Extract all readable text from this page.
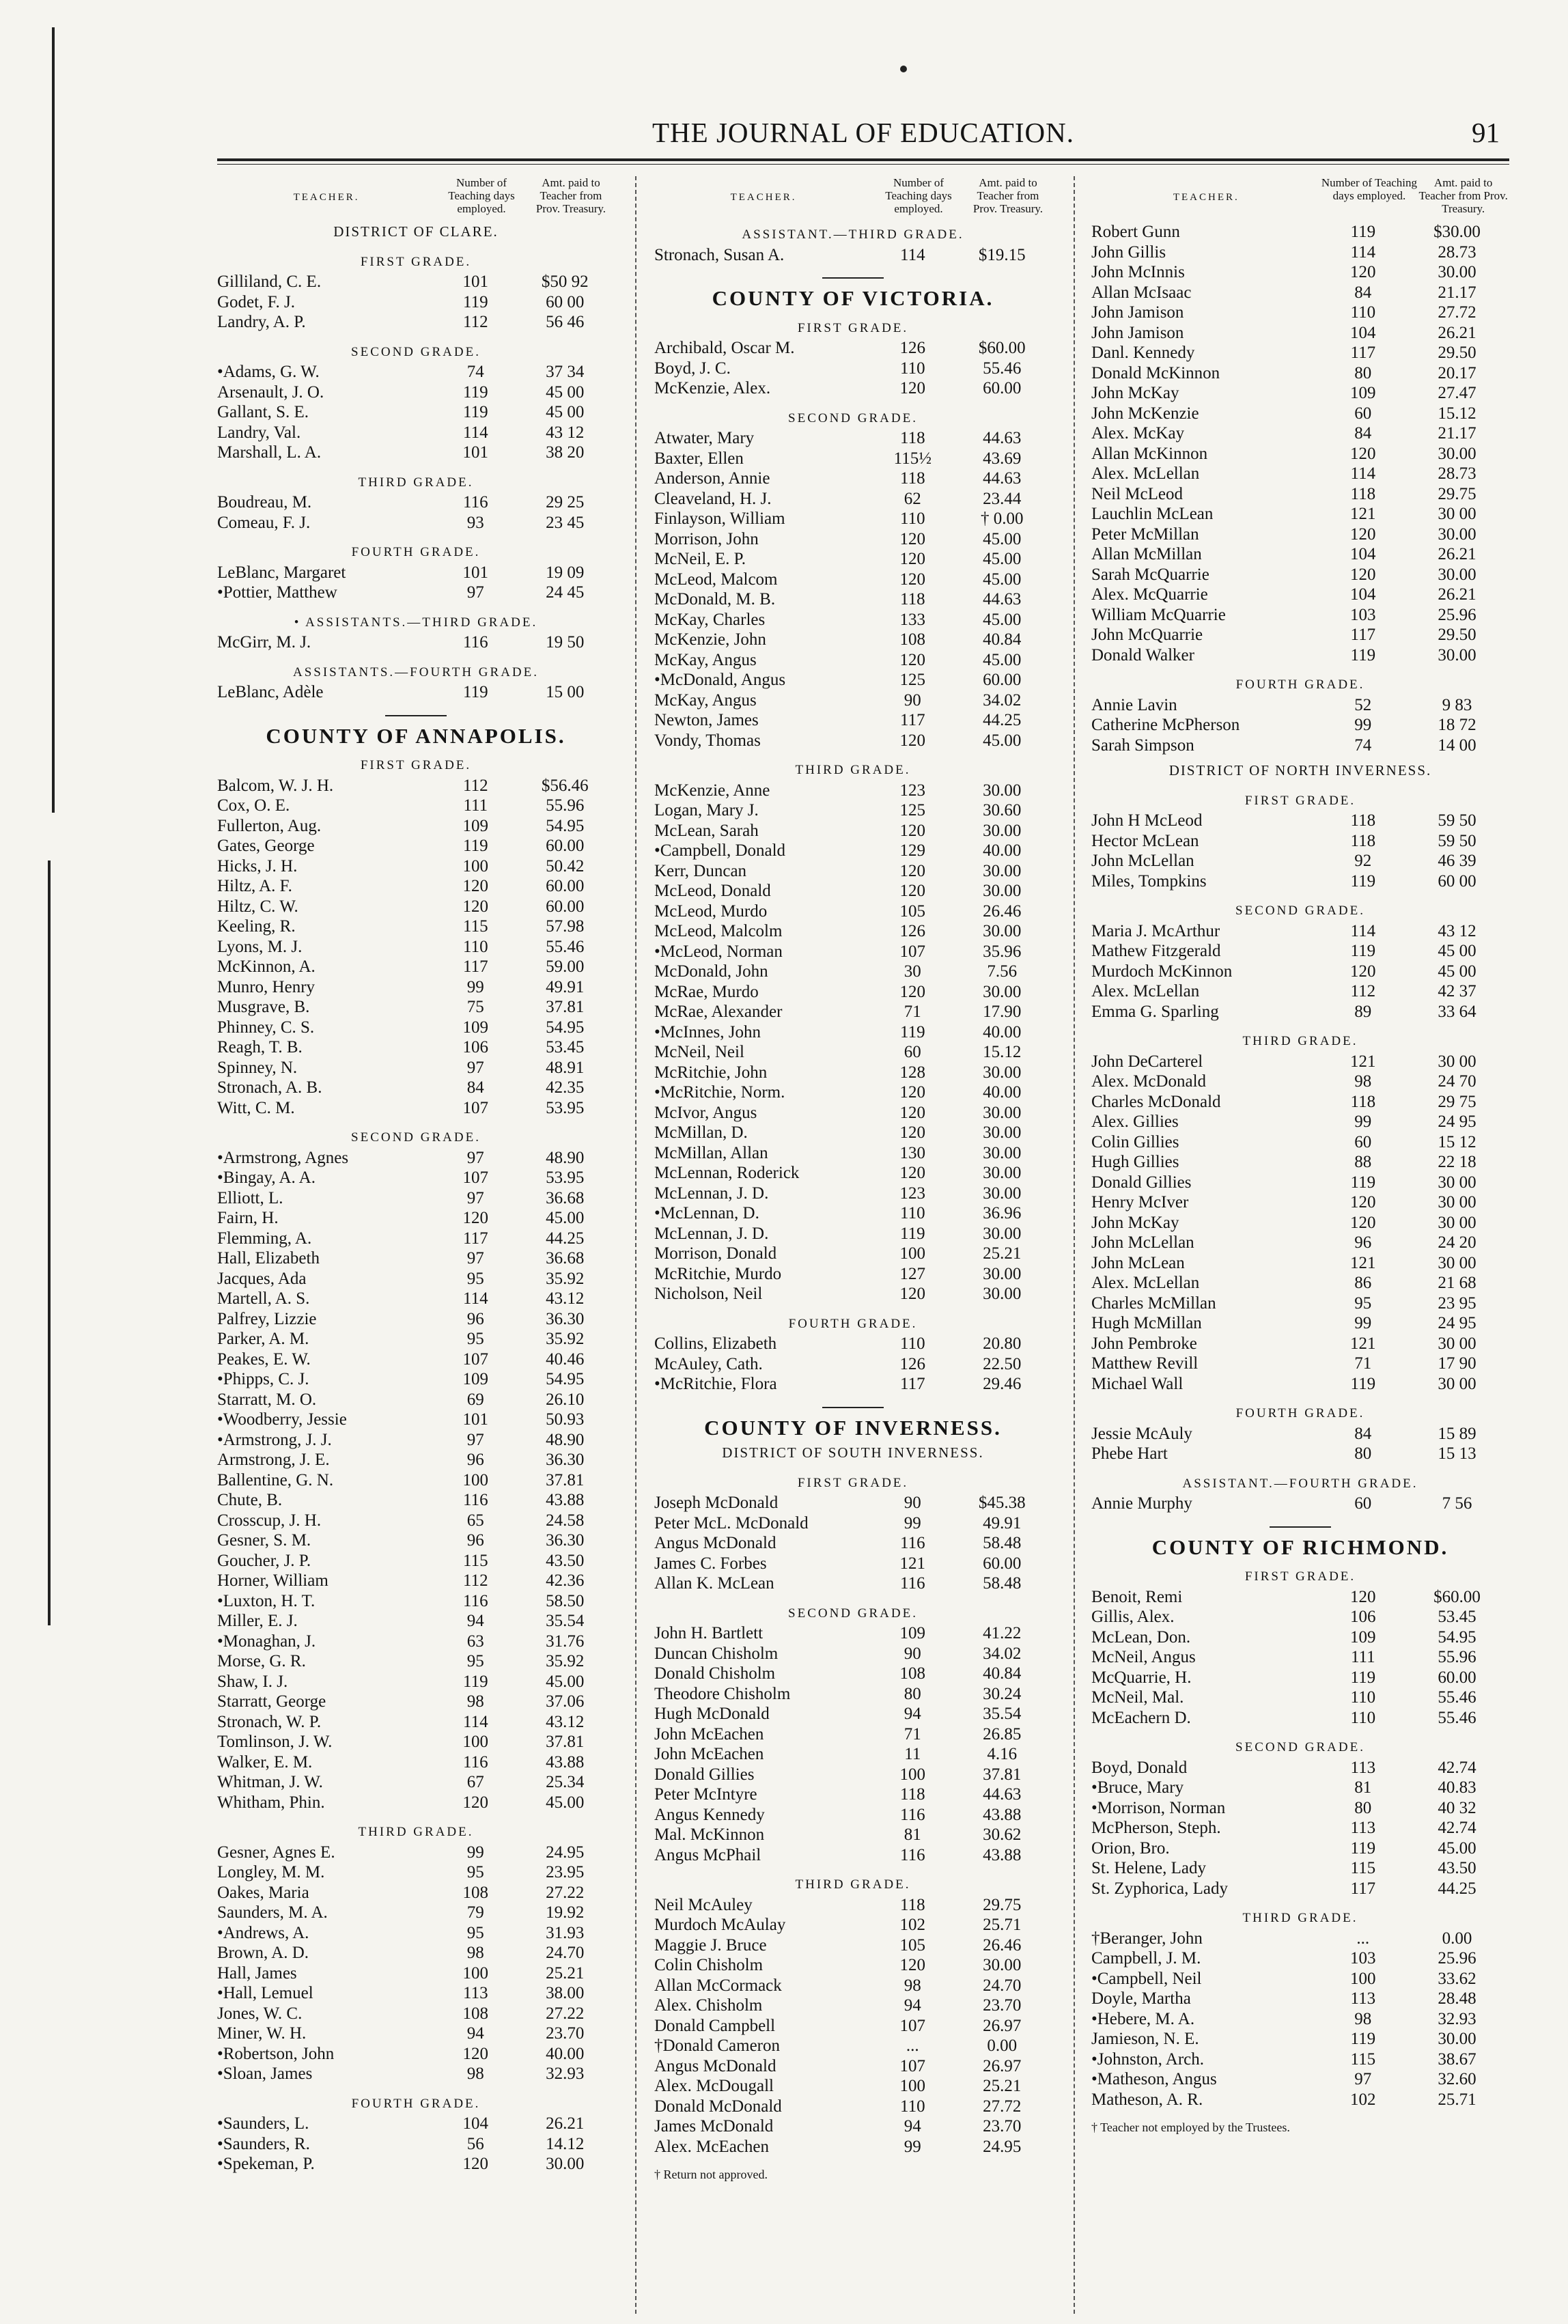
THE JOURNAL OF EDUCATION.	91
TEACHER.
Number of Teaching days employed.
Amt. paid to Teacher from Prov. Treasury.
DISTRICT OF CLARE.
FIRST GRADE.
Gilliland, C. E.	101	$50 92
Godet, F. J.	119	60 00
Landry, A. P.	112	56 46
SECOND GRADE.
•Adams, G. W.	74	37 34
Arsenault, J. O.	119	45 00
Gallant, S. E.	119	45 00
Landry, Val.	114	43 12
Marshall, L. A.	101	38 20
THIRD GRADE.
Boudreau, M.	116	29 25
Comeau, F. J.	93	23 45
FOURTH GRADE.
LeBlanc, Margaret	101	19 09
•Pottier, Matthew	97	24 45
• ASSISTANTS.—THIRD GRADE.
McGirr, M. J.	116	19 50
ASSISTANTS.—FOURTH GRADE.
LeBlanc, Adèle	119	15 00
COUNTY OF ANNAPOLIS.
FIRST GRADE.
Balcom, W. J. H.	112	$56.46
Cox, O. E.	111	55.96
Fullerton, Aug.	109	54.95
Gates, George	119	60.00
Hicks, J. H.	100	50.42
Hiltz, A. F.	120	60.00
Hiltz, C. W.	120	60.00
Keeling, R.	115	57.98
Lyons, M. J.	110	55.46
McKinnon, A.	117	59.00
Munro, Henry	99	49.91
Musgrave, B.	75	37.81
Phinney, C. S.	109	54.95
Reagh, T. B.	106	53.45
Spinney, N.	97	48.91
Stronach, A. B.	84	42.35
Witt, C. M.	107	53.95
SECOND GRADE.
•Armstrong, Agnes	97	48.90
•Bingay, A. A.	107	53.95
Elliott, L.	97	36.68
Fairn, H.	120	45.00
Flemming, A.	117	44.25
Hall, Elizabeth	97	36.68
Jacques, Ada	95	35.92
Martell, A. S.	114	43.12
Palfrey, Lizzie	96	36.30
Parker, A. M.	95	35.92
Peakes, E. W.	107	40.46
•Phipps, C. J.	109	54.95
Starratt, M. O.	69	26.10
•Woodberry, Jessie	101	50.93
•Armstrong, J. J.	97	48.90
Armstrong, J. E.	96	36.30
Ballentine, G. N.	100	37.81
Chute, B.	116	43.88
Crosscup, J. H.	65	24.58
Gesner, S. M.	96	36.30
Goucher, J. P.	115	43.50
Horner, William	112	42.36
•Luxton, H. T.	116	58.50
Miller, E. J.	94	35.54
•Monaghan, J.	63	31.76
Morse, G. R.	95	35.92
Shaw, I. J.	119	45.00
Starratt, George	98	37.06
Stronach, W. P.	114	43.12
Tomlinson, J. W.	100	37.81
Walker, E. M.	116	43.88
Whitman, J. W.	67	25.34
Whitham, Phin.	120	45.00
THIRD GRADE.
Gesner, Agnes E.	99	24.95
Longley, M. M.	95	23.95
Oakes, Maria	108	27.22
Saunders, M. A.	79	19.92
•Andrews, A.	95	31.93
Brown, A. D.	98	24.70
Hall, James	100	25.21
•Hall, Lemuel	113	38.00
Jones, W. C.	108	27.22
Miner, W. H.	94	23.70
•Robertson, John	120	40.00
•Sloan, James	98	32.93
FOURTH GRADE.
•Saunders, L.	104	26.21
•Saunders, R.	56	14.12
•Spekeman, P.	120	30.00
TEACHER.
Number of Teaching days employed.
Amt. paid to Teacher from Prov. Treasury.
ASSISTANT.—THIRD GRADE.
Stronach, Susan A.	114	$19.15
COUNTY OF VICTORIA.
FIRST GRADE.
Archibald, Oscar M.	126	$60.00
Boyd, J. C.	110	55.46
McKenzie, Alex.	120	60.00
SECOND GRADE.
Atwater, Mary	118	44.63
Baxter, Ellen	115½	43.69
Anderson, Annie	118	44.63
Cleaveland, H. J.	62	23.44
Finlayson, William	110	† 0.00
Morrison, John	120	45.00
McNeil, E. P.	120	45.00
McLeod, Malcom	120	45.00
McDonald, M. B.	118	44.63
McKay, Charles	133	45.00
McKenzie, John	108	40.84
McKay, Angus	120	45.00
•McDonald, Angus	125	60.00
McKay, Angus	90	34.02
Newton, James	117	44.25
Vondy, Thomas	120	45.00
THIRD GRADE.
McKenzie, Anne	123	30.00
Logan, Mary J.	125	30.60
McLean, Sarah	120	30.00
•Campbell, Donald	129	40.00
Kerr, Duncan	120	30.00
McLeod, Donald	120	30.00
McLeod, Murdo	105	26.46
McLeod, Malcolm	126	30.00
•McLeod, Norman	107	35.96
McDonald, John	30	7.56
McRae, Murdo	120	30.00
McRae, Alexander	71	17.90
•McInnes, John	119	40.00
McNeil, Neil	60	15.12
McRitchie, John	128	30.00
•McRitchie, Norm.	120	40.00
McIvor, Angus	120	30.00
McMillan, D.	120	30.00
McMillan, Allan	130	30.00
McLennan, Roderick	120	30.00
McLennan, J. D.	123	30.00
•McLennan, D.	110	36.96
McLennan, J. D.	119	30.00
Morrison, Donald	100	25.21
McRitchie, Murdo	127	30.00
Nicholson, Neil	120	30.00
FOURTH GRADE.
Collins, Elizabeth	110	20.80
McAuley, Cath.	126	22.50
•McRitchie, Flora	117	29.46
COUNTY OF INVERNESS.
DISTRICT OF SOUTH INVERNESS.
FIRST GRADE.
Joseph McDonald	90	$45.38
Peter McL. McDonald	99	49.91
Angus McDonald	116	58.48
James C. Forbes	121	60.00
Allan K. McLean	116	58.48
SECOND GRADE.
John H. Bartlett	109	41.22
Duncan Chisholm	90	34.02
Donald Chisholm	108	40.84
Theodore Chisholm	80	30.24
Hugh McDonald	94	35.54
John McEachen	71	26.85
John McEachen	11	4.16
Donald Gillies	100	37.81
Peter McIntyre	118	44.63
Angus Kennedy	116	43.88
Mal. McKinnon	81	30.62
Angus McPhail	116	43.88
THIRD GRADE.
Neil McAuley	118	29.75
Murdoch McAulay	102	25.71
Maggie J. Bruce	105	26.46
Colin Chisholm	120	30.00
Allan McCormack	98	24.70
Alex. Chisholm	94	23.70
Donald Campbell	107	26.97
†Donald Cameron	...	0.00
Angus McDonald	107	26.97
Alex. McDougall	100	25.21
Donald McDonald	110	27.72
James McDonald	94	23.70
Alex. McEachen	99	24.95
† Return not approved.
TEACHER.
Number of Teaching days employed.
Amt. paid to Teacher from Prov. Treasury.
Robert Gunn	119	$30.00
John Gillis	114	28.73
John McInnis	120	30.00
Allan McIsaac	84	21.17
John Jamison	110	27.72
John Jamison	104	26.21
Danl. Kennedy	117	29.50
Donald McKinnon	80	20.17
John McKay	109	27.47
John McKenzie	60	15.12
Alex. McKay	84	21.17
Allan McKinnon	120	30.00
Alex. McLellan	114	28.73
Neil McLeod	118	29.75
Lauchlin McLean	121	30 00
Peter McMillan	120	30.00
Allan McMillan	104	26.21
Sarah McQuarrie	120	30.00
Alex. McQuarrie	104	26.21
William McQuarrie	103	25.96
John McQuarrie	117	29.50
Donald Walker	119	30.00
FOURTH GRADE.
Annie Lavin	52	9 83
Catherine McPherson	99	18 72
Sarah Simpson	74	14 00
DISTRICT OF NORTH INVERNESS.
FIRST GRADE.
John H McLeod	118	59 50
Hector McLean	118	59 50
John McLellan	92	46 39
Miles, Tompkins	119	60 00
SECOND GRADE.
Maria J. McArthur	114	43 12
Mathew Fitzgerald	119	45 00
Murdoch McKinnon	120	45 00
Alex. McLellan	112	42 37
Emma G. Sparling	89	33 64
THIRD GRADE.
John DeCarterel	121	30 00
Alex. McDonald	98	24 70
Charles McDonald	118	29 75
Alex. Gillies	99	24 95
Colin Gillies	60	15 12
Hugh Gillies	88	22 18
Donald Gillies	119	30 00
Henry McIver	120	30 00
John McKay	120	30 00
John McLellan	96	24 20
John McLean	121	30 00
Alex. McLellan	86	21 68
Charles McMillan	95	23 95
Hugh McMillan	99	24 95
John Pembroke	121	30 00
Matthew Revill	71	17 90
Michael Wall	119	30 00
FOURTH GRADE.
Jessie McAuly	84	15 89
Phebe Hart	80	15 13
ASSISTANT.—FOURTH GRADE.
Annie Murphy	60	7 56
COUNTY OF RICHMOND.
FIRST GRADE.
Benoit, Remi	120	$60.00
Gillis, Alex.	106	53.45
McLean, Don.	109	54.95
McNeil, Angus	111	55.96
McQuarrie, H.	119	60.00
McNeil, Mal.	110	55.46
McEachern D.	110	55.46
SECOND GRADE.
Boyd, Donald	113	42.74
•Bruce, Mary	81	40.83
•Morrison, Norman	80	40 32
McPherson, Steph.	113	42.74
Orion, Bro.	119	45.00
St. Helene, Lady	115	43.50
St. Zyphorica, Lady	117	44.25
THIRD GRADE.
†Beranger, John	...	0.00
Campbell, J. M.	103	25.96
•Campbell, Neil	100	33.62
Doyle, Martha	113	28.48
•Hebere, M. A.	98	32.93
Jamieson, N. E.	119	30.00
•Johnston, Arch.	115	38.67
•Matheson, Angus	97	32.60
Matheson, A. R.	102	25.71
† Teacher not employed by the Trustees.
